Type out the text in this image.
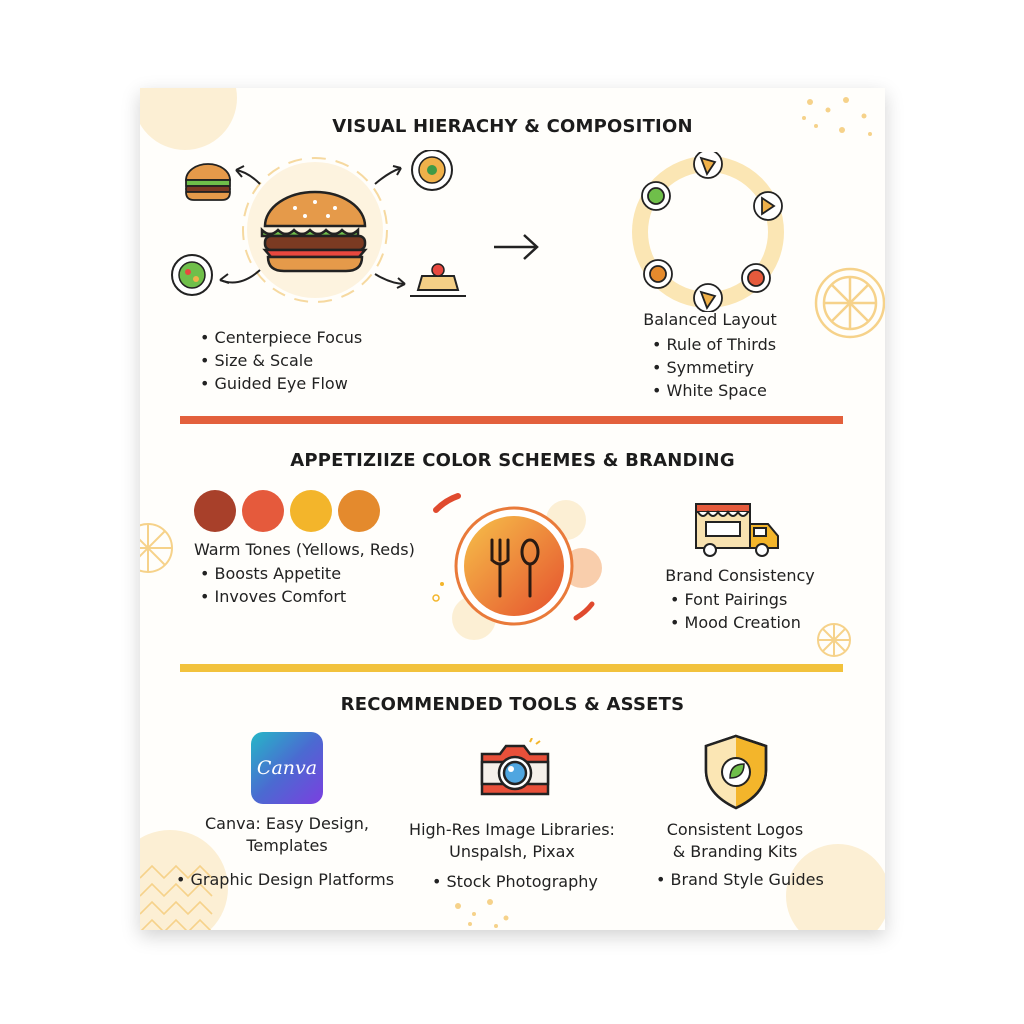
VISUAL HIERACHY & COMPOSITION
• Centerpiece Focus
• Size & Scale
• Guided Eye Flow
Balanced Layout
• Rule of Thirds
• Symmetiry
• White Space
APPETIZIIZE COLOR SCHEMES & BRANDING
Warm Tones (Yellows, Reds)
• Boosts Appetite
• Invoves Comfort
Brand Consistency
• Font Pairings
• Mood Creation
RECOMMENDED TOOLS & ASSETS
Canva
Canva: Easy Design,
Templates
• Graphic Design Platforms
High-Res Image Libraries:
Unspalsh, Pixax
• Stock Photography
Consistent Logos
& Branding Kits
• Brand Style Guides
